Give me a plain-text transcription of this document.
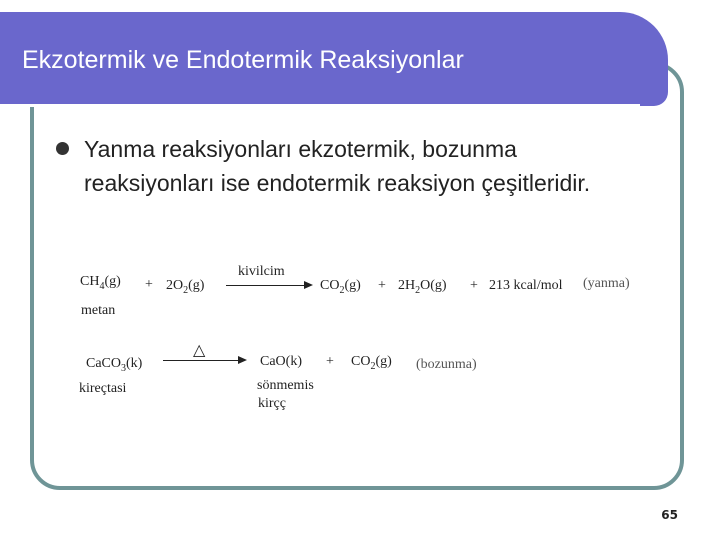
Ekzotermik ve Endotermik Reaksiyonlar

Yanma reaksiyonları ekzotermik, bozunma reaksiyonları ise endotermik reaksiyon çeşitleridir.

$CH_4(g) + 2O_2(g)$
kivilcim
$CO_2(g) + 2H_2O(g) + 213$ kcal/mol (yanma)
metan
CaCO$_3$(k)
△
$CaO(k) + CO_2(g)$ (bozunma)
kireçtasi	sönmemis
kirçç
65
